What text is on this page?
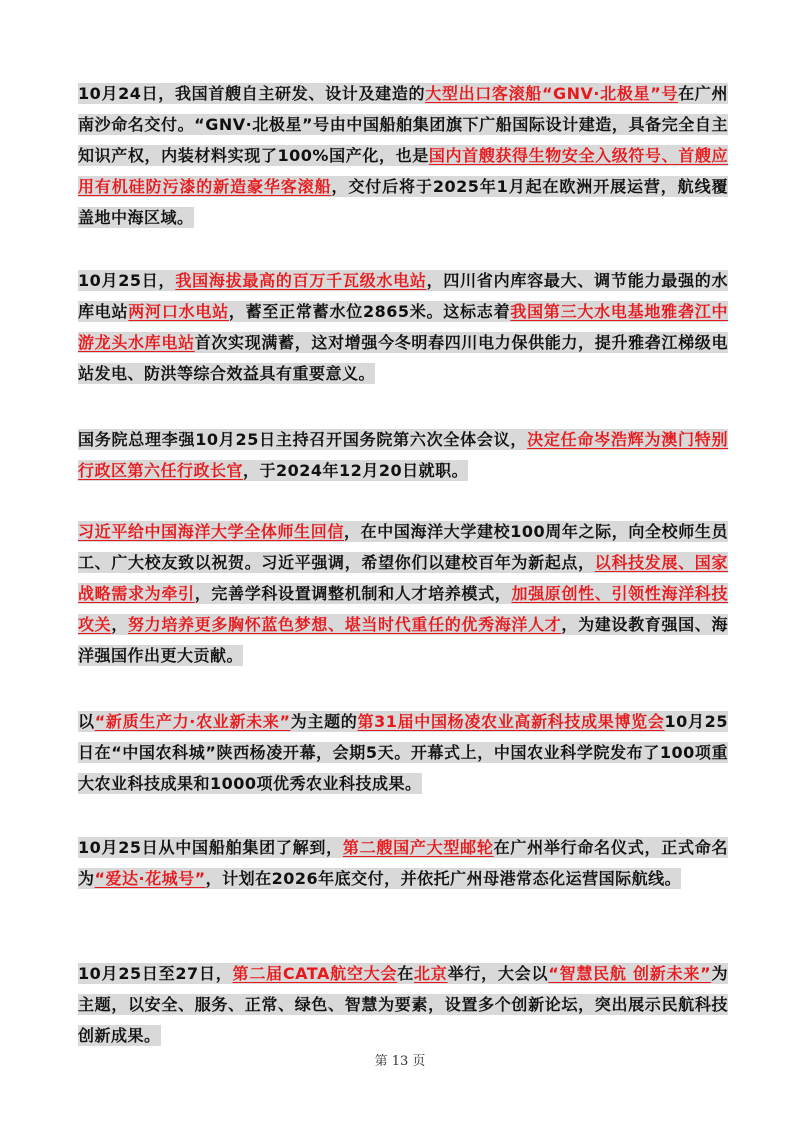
10月24日，我国首艘自主研发、设计及建造的大型出口客滚船“GNV·北极星”号在广州南沙命名交付。“GNV·北极星”号由中国船舶集团旗下广船国际设计建造，具备完全自主知识产权，内装材料实现了100%国产化，也是国内首艘获得生物安全入级符号、首艘应用有机硅防污漆的新造豪华客滚船，交付后将于2025年1月起在欧洲开展运营，航线覆盖地中海区域。

10月25日，我国海拔最高的百万千瓦级水电站，四川省内库容最大、调节能力最强的水库电站两河口水电站，蓄至正常蓄水位2865米。这标志着我国第三大水电基地雅砻江中游龙头水库电站首次实现满蓄，这对增强今冬明春四川电力保供能力，提升雅砻江梯级电站发电、防洪等综合效益具有重要意义。

国务院总理李强10月25日主持召开国务院第六次全体会议，决定任命岑浩辉为澳门特别行政区第六任行政长官，于2024年12月20日就职。

习近平给中国海洋大学全体师生回信，在中国海洋大学建校100周年之际，向全校师生员工、广大校友致以祝贺。习近平强调，希望你们以建校百年为新起点，以科技发展、国家战略需求为牵引，完善学科设置调整机制和人才培养模式，加强原创性、引领性海洋科技攻关，努力培养更多胸怀蓝色梦想、堪当时代重任的优秀海洋人才，为建设教育强国、海洋强国作出更大贡献。

以“新质生产力·农业新未来”为主题的第31届中国杨凌农业高新科技成果博览会10月25日在“中国农科城”陕西杨凌开幕，会期5天。开幕式上，中国农业科学院发布了100项重大农业科技成果和1000项优秀农业科技成果。

10月25日从中国船舶集团了解到，第二艘国产大型邮轮在广州举行命名仪式，正式命名为“爱达·花城号”，计划在2026年底交付，并依托广州母港常态化运营国际航线。

10月25日至27日，第二届CATA航空大会在北京举行，大会以“智慧民航 创新未来”为主题，以安全、服务、正常、绿色、智慧为要素，设置多个创新论坛，突出展示民航科技创新成果。

第 13 页
